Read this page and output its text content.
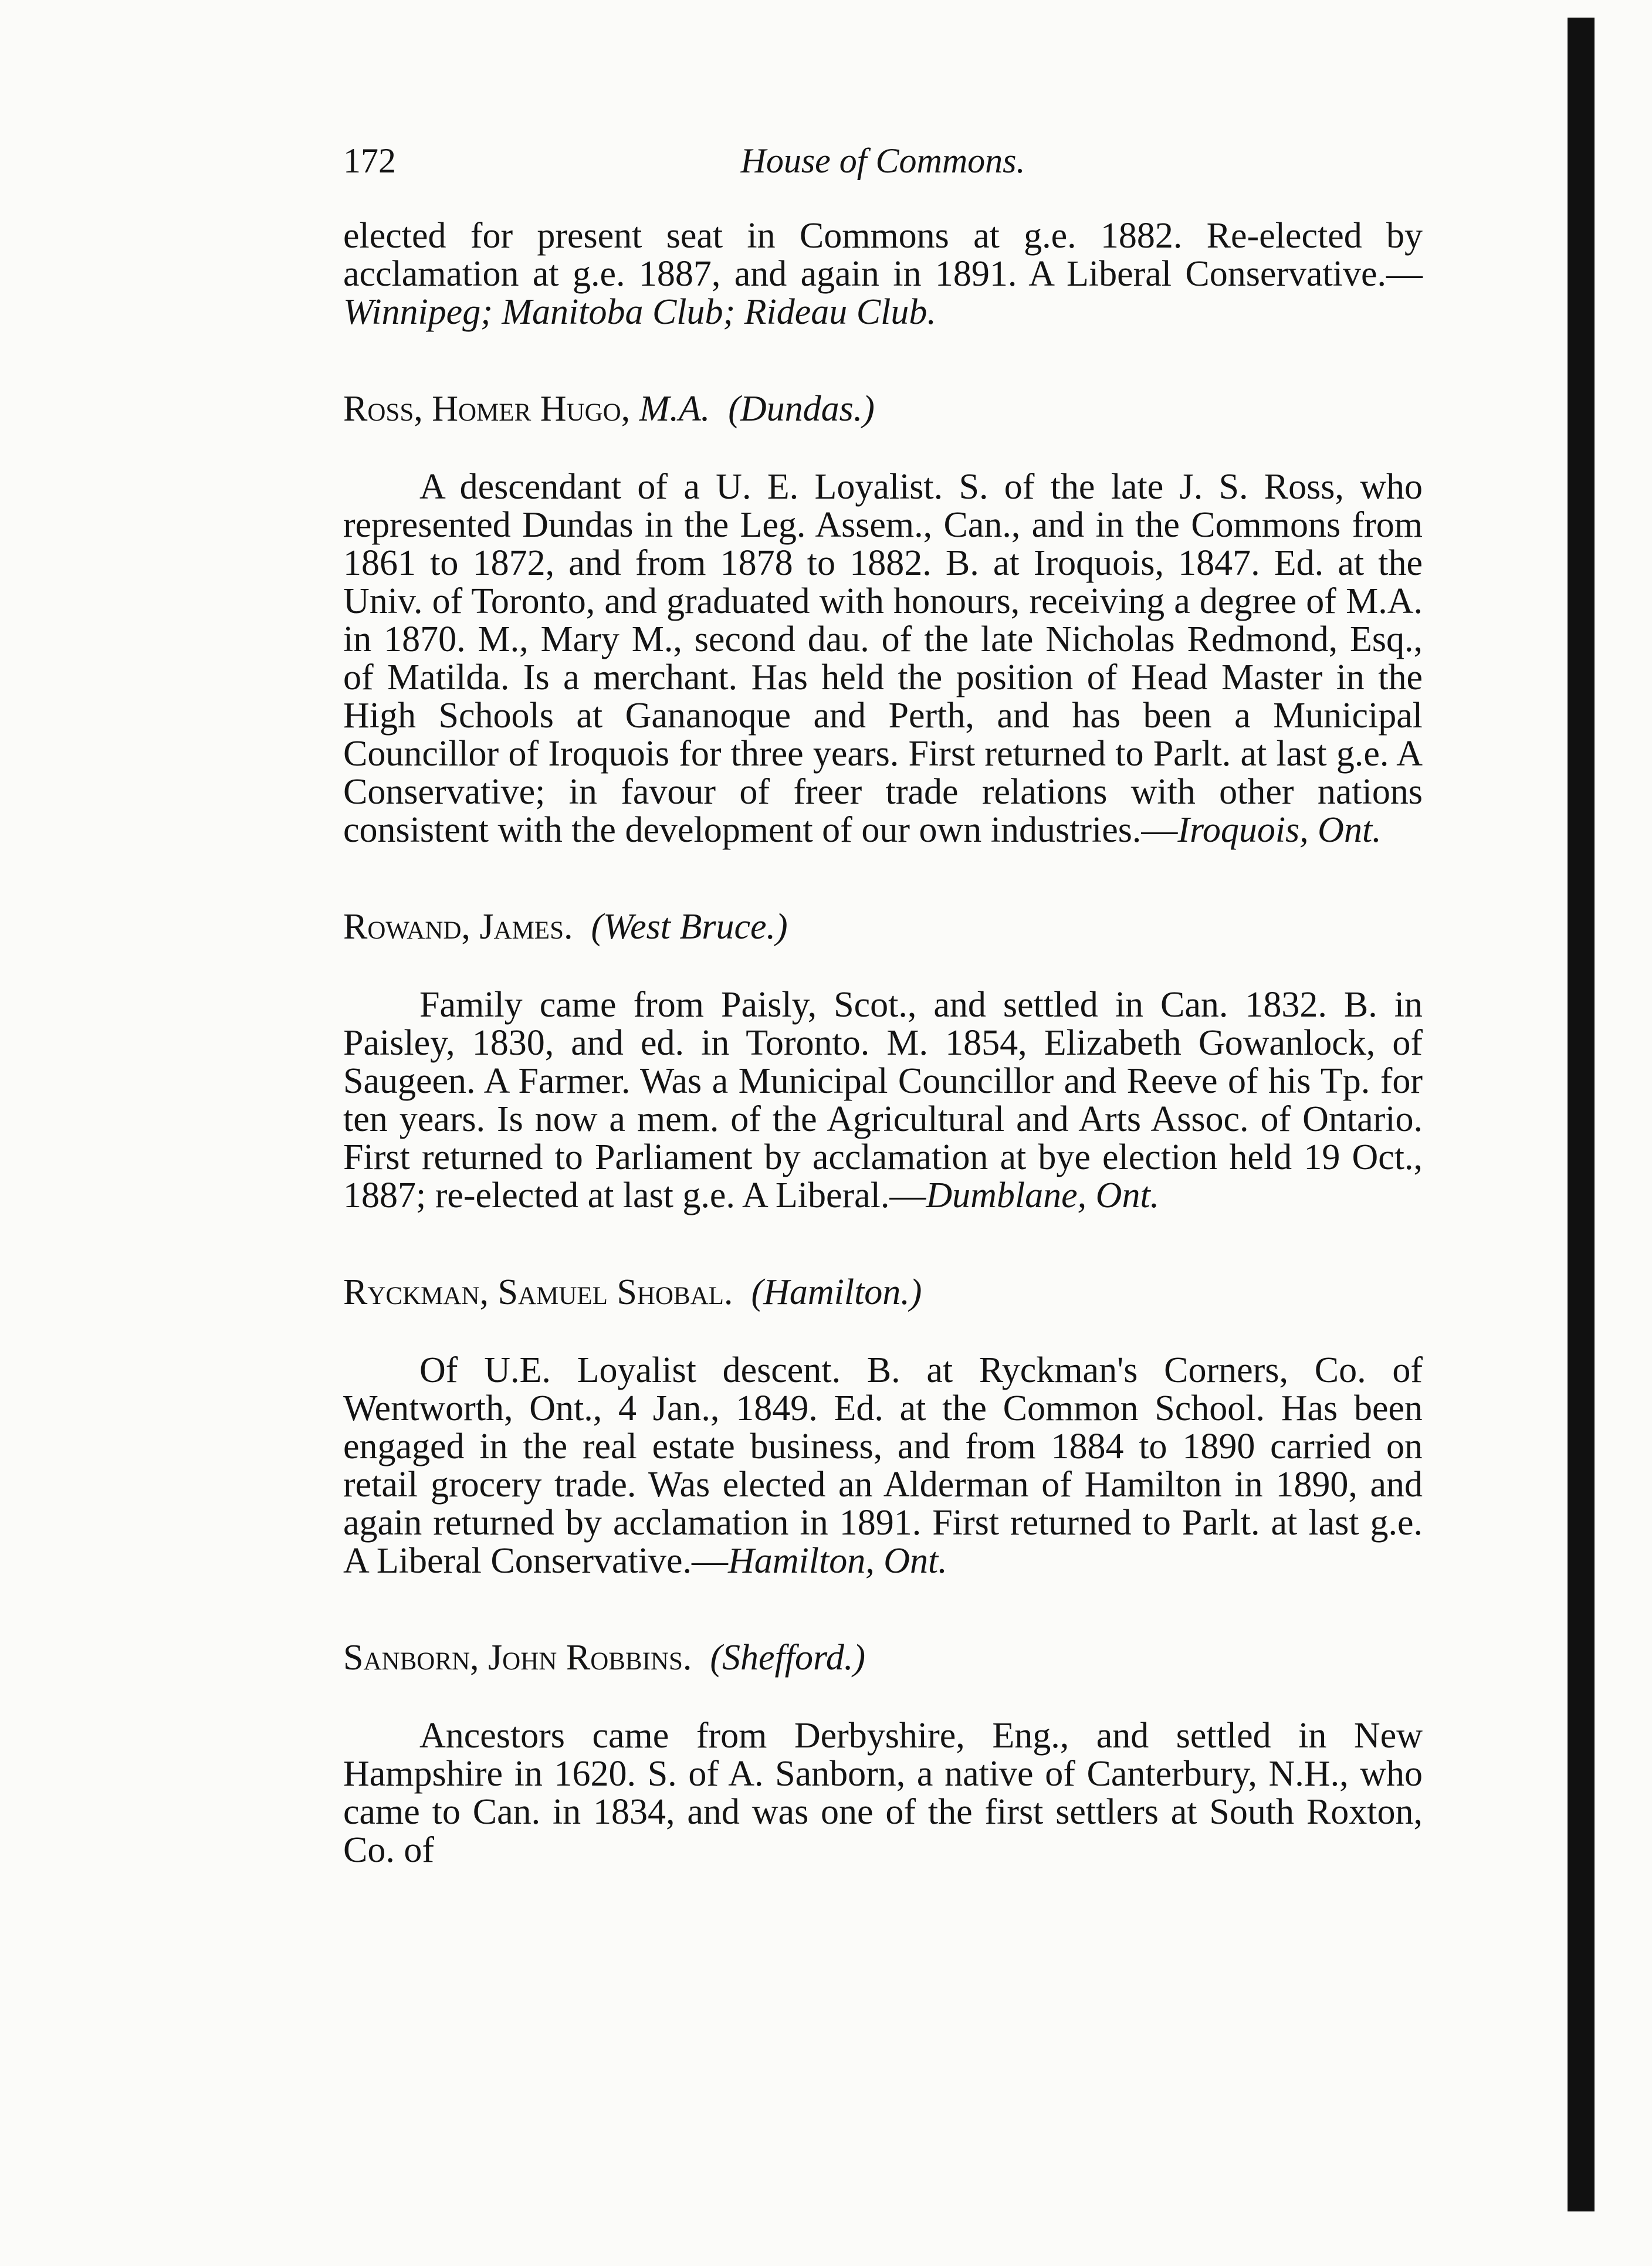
172	House of Commons.

elected for present seat in Commons at g.e. 1882. Re-elected by acclamation at g.e. 1887, and again in 1891. A Liberal Conservative.—Winnipeg; Manitoba Club; Rideau Club.

Ross, Homer Hugo, M.A. (Dundas.)

A descendant of a U. E. Loyalist. S. of the late J. S. Ross, who represented Dundas in the Leg. Assem., Can., and in the Commons from 1861 to 1872, and from 1878 to 1882. B. at Iroquois, 1847. Ed. at the Univ. of Toronto, and graduated with honours, receiving a degree of M.A. in 1870. M., Mary M., second dau. of the late Nicholas Redmond, Esq., of Matilda. Is a merchant. Has held the position of Head Master in the High Schools at Gananoque and Perth, and has been a Municipal Councillor of Iroquois for three years. First returned to Parlt. at last g.e. A Conservative; in favour of freer trade relations with other nations consistent with the development of our own industries.—Iroquois, Ont.

Rowand, James. (West Bruce.)

Family came from Paisly, Scot., and settled in Can. 1832. B. in Paisley, 1830, and ed. in Toronto. M. 1854, Elizabeth Gowanlock, of Saugeen. A Farmer. Was a Municipal Councillor and Reeve of his Tp. for ten years. Is now a mem. of the Agricultural and Arts Assoc. of Ontario. First returned to Parliament by acclamation at bye election held 19 Oct., 1887; re-elected at last g.e. A Liberal.—Dumblane, Ont.

Ryckman, Samuel Shobal. (Hamilton.)

Of U.E. Loyalist descent. B. at Ryckman's Corners, Co. of Wentworth, Ont., 4 Jan., 1849. Ed. at the Common School. Has been engaged in the real estate business, and from 1884 to 1890 carried on retail grocery trade. Was elected an Alderman of Hamilton in 1890, and again returned by acclamation in 1891. First returned to Parlt. at last g.e. A Liberal Conservative.—Hamilton, Ont.

Sanborn, John Robbins. (Shefford.)

Ancestors came from Derbyshire, Eng., and settled in New Hampshire in 1620. S. of A. Sanborn, a native of Canterbury, N.H., who came to Can. in 1834, and was one of the first settlers at South Roxton, Co. of
